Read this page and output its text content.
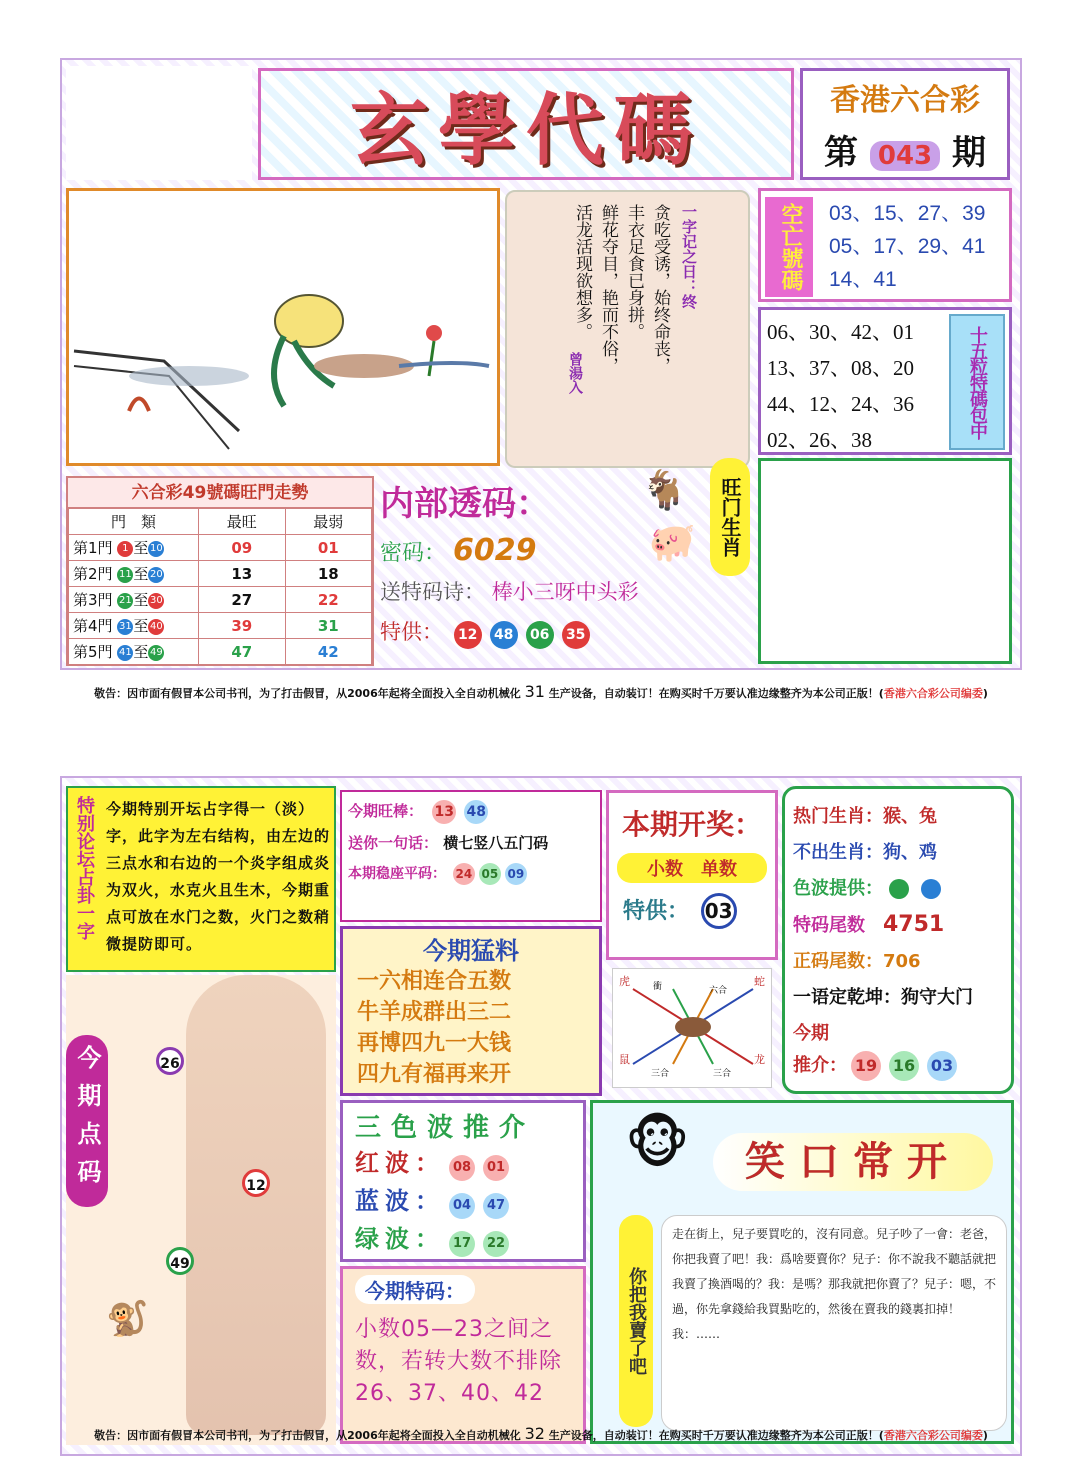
玄學代碼	香港六合彩
第 043 期
一字记之日：终
贪吃受诱，始终命丧，
丰衣足食已身拼。
鲜花夺目，艳而不俗，
活龙活现欲想多。
曾湯入
空亡號碼	03、15、27、39
05、17、29、41
14、41
06、30、42、01
13、37、08、20
44、12、24、36
02、26、38
十五粒特碼包中
六合彩49號碼旺門走勢
門　類	最旺	最弱
第1門 1 至 10	09	01
第2門 11 至 20	13	18
第3門 21 至 30	27	22
第4門 31 至 40	39	31
第5門 41 至 49	47	42
内部透码：
密码： 6029
送特码诗： 棒小三呀中头彩
特供： 12 48 06 35
旺门生肖
🐐
🐖
敬告：因市面有假冒本公司书刊，为了打击假冒，从2006年起将全面投入全自动机械化 31 生产设备，自动装订！在购买时千万要认准边缘整齐为本公司正版！(香港六合彩公司编委)
特别论坛占卦一字 今期特别开坛占字得一（淡）字，此字为左右结构，由左边的三点水和右边的一个炎字组成炎为双火，水克火且生木，今期重点可放在水门之数，火门之数稍微提防即可。
今期点码	26
12
49
🐒
今期旺棒： 13 48
送你一句话： 横七竖八五门码
本期稳座平码： 24 05 09
本期开奖：
小数　 单数
特供： 03
热门生肖：猴、兔
不出生肖：狗、鸡
色波提供：
特码尾数　 4751
正码尾数：706
一语定乾坤：狗守大门
今期
推介： 19 16 03
今期猛料
一六相连合五数
牛羊成群出三二
再博四九一大钱
四九有福再来开
虎	衝	六合
蛇
鼠
三合	三合
龙
三色波推介
红波： 08 01
蓝波： 04 47
绿波： 17 22
今期特码：
小数05—23之间之数，若转大数不排除26、37、40、42
🐵	笑口常开
你把我賣了吧
走在街上，兒子要買吃的，沒有同意。兒子吵了一會：老爸，你把我賣了吧！我：爲啥要賣你？兒子：你不說我不聽話就把我賣了換酒喝的？我：是嗎？那我就把你賣了？兒子：嗯，不過，你先拿錢給我買點吃的，然後在賣我的錢裏扣掉！我：……
敬告：因市面有假冒本公司书刊，为了打击假冒，从2006年起将全面投入全自动机械化 32 生产设备，自动装订！在购买时千万要认准边缘整齐为本公司正版！(香港六合彩公司编委)
